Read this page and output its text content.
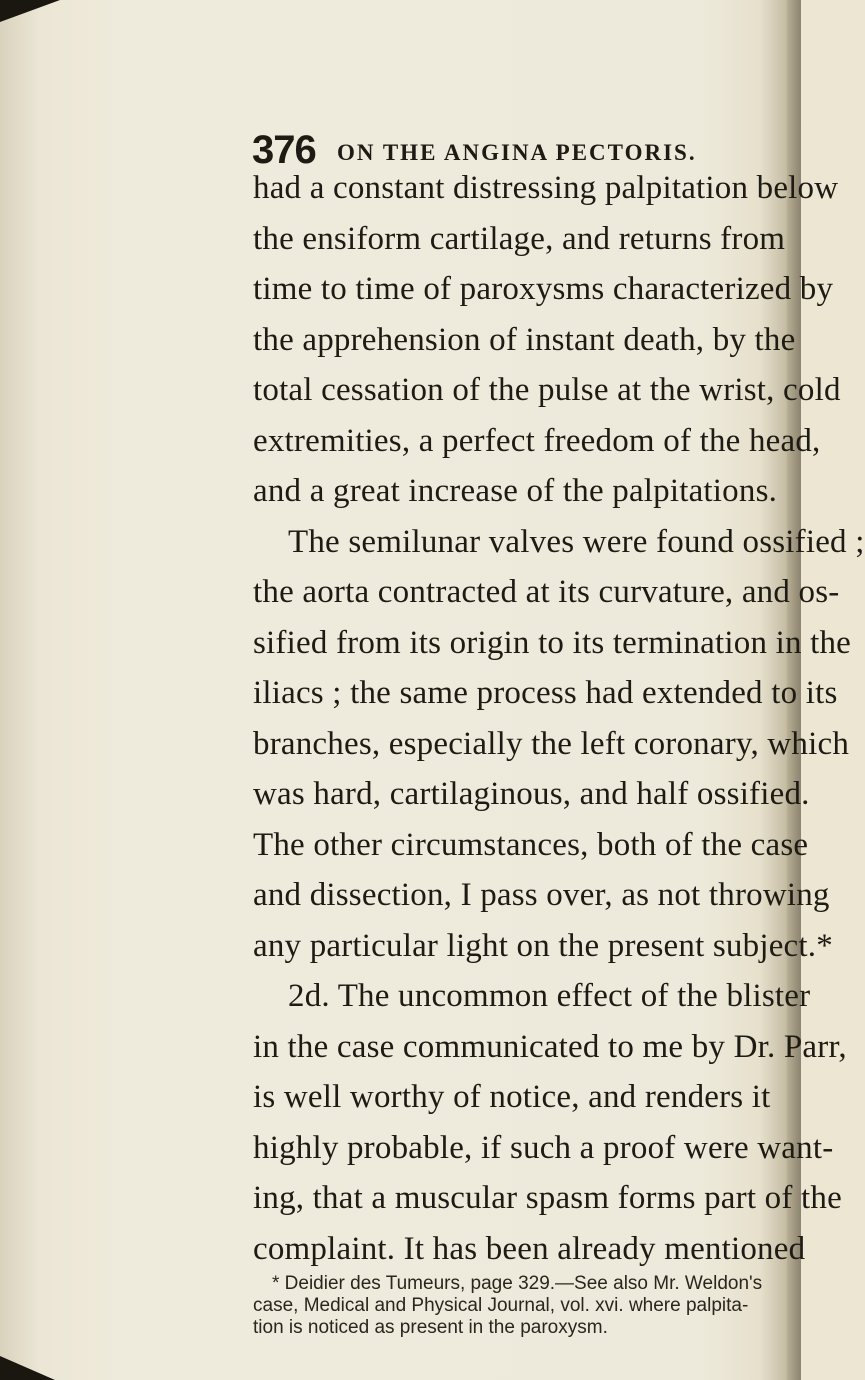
376 ON THE ANGINA PECTORIS.
had a constant distressing palpitation below
the ensiform cartilage, and returns from
time to time of paroxysms characterized by
the apprehension of instant death, by the
total cessation of the pulse at the wrist, cold
extremities, a perfect freedom of the head,
and a great increase of the palpitations.
The semilunar valves were found ossified ;
the aorta contracted at its curvature, and os-
sified from its origin to its termination in the
iliacs ; the same process had extended to its
branches, especially the left coronary, which
was hard, cartilaginous, and half ossified.
The other circumstances, both of the case
and dissection, I pass over, as not throwing
any particular light on the present subject.*
2d. The uncommon effect of the blister
in the case communicated to me by Dr. Parr,
is well worthy of notice, and renders it
highly probable, if such a proof were want-
ing, that a muscular spasm forms part of the
complaint. It has been already mentioned
* Deidier des Tumeurs, page 329.—See also Mr. Weldon's
case, Medical and Physical Journal, vol. xvi. where palpita-
tion is noticed as present in the paroxysm.
